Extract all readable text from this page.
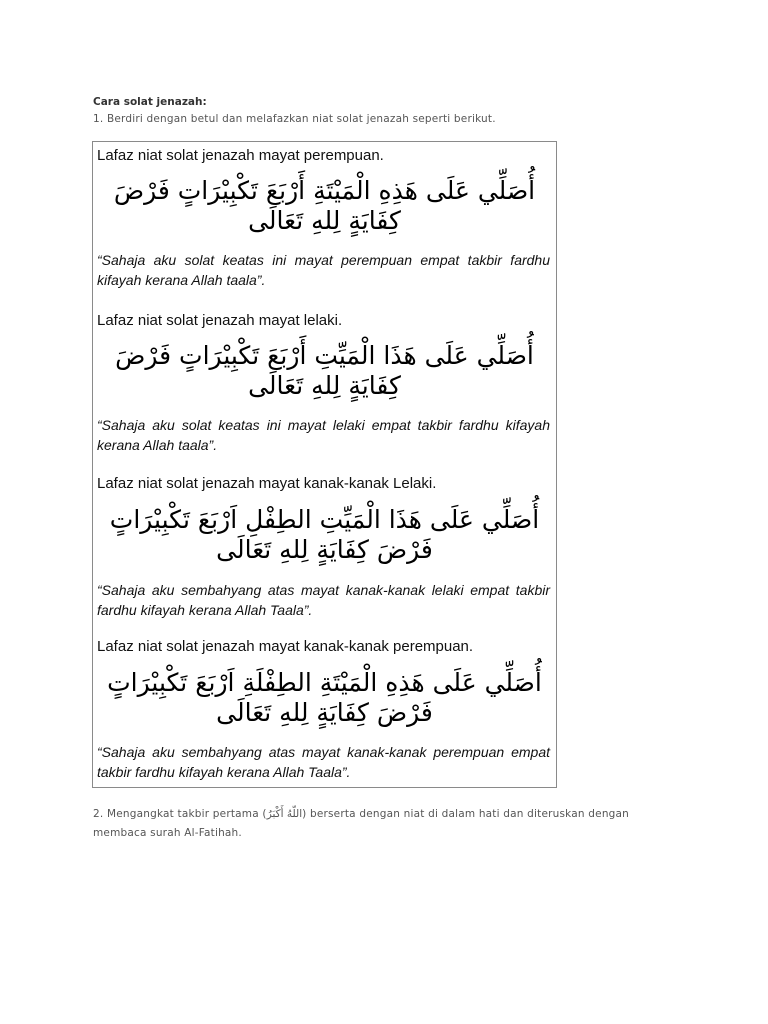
Cara solat jenazah:
1. Berdiri dengan betul dan melafazkan niat solat jenazah seperti berikut.
Lafaz niat solat jenazah mayat perempuan.
أُصَلِّي عَلَى هَذِهِ الْمَيْتَةِ أَرْبَعَ تَكْبِيْرَاتٍ فَرْضَ كِفَايَةٍ لِلهِ تَعَالَى
“Sahaja aku solat keatas ini mayat perempuan empat takbir fardhu kifayah kerana Allah taala”.
Lafaz niat solat jenazah mayat lelaki.
أُصَلِّي عَلَى هَذَا الْمَيِّتِ أَرْبَعَ تَكْبِيْرَاتٍ فَرْضَ كِفَايَةٍ لِلهِ تَعَالَى
“Sahaja aku solat keatas ini mayat lelaki empat takbir fardhu kifayah kerana Allah taala”.
Lafaz niat solat jenazah mayat kanak-kanak Lelaki.
أُصَلِّي عَلَى هَذَا الْمَيِّتِ الطِفْلِ اَرْبَعَ تَكْبِيْرَاتٍ فَرْضَ كِفَايَةٍ لِلهِ تَعَالَى
“Sahaja aku sembahyang atas mayat kanak-kanak lelaki empat takbir fardhu kifayah kerana Allah Taala”.
Lafaz niat solat jenazah mayat kanak-kanak perempuan.
أُصَلِّي عَلَى هَذِهِ الْمَيْتَةِ الطِفْلَةِ اَرْبَعَ تَكْبِيْرَاتٍ فَرْضَ كِفَايَةٍ لِلهِ تَعَالَى
“Sahaja aku sembahyang atas mayat kanak-kanak perempuan empat takbir fardhu kifayah kerana Allah Taala”.
2. Mengangkat takbir pertama (اللّهُ أَكْبَرُ) berserta dengan niat di dalam hati dan diteruskan dengan membaca surah Al-Fatihah.
